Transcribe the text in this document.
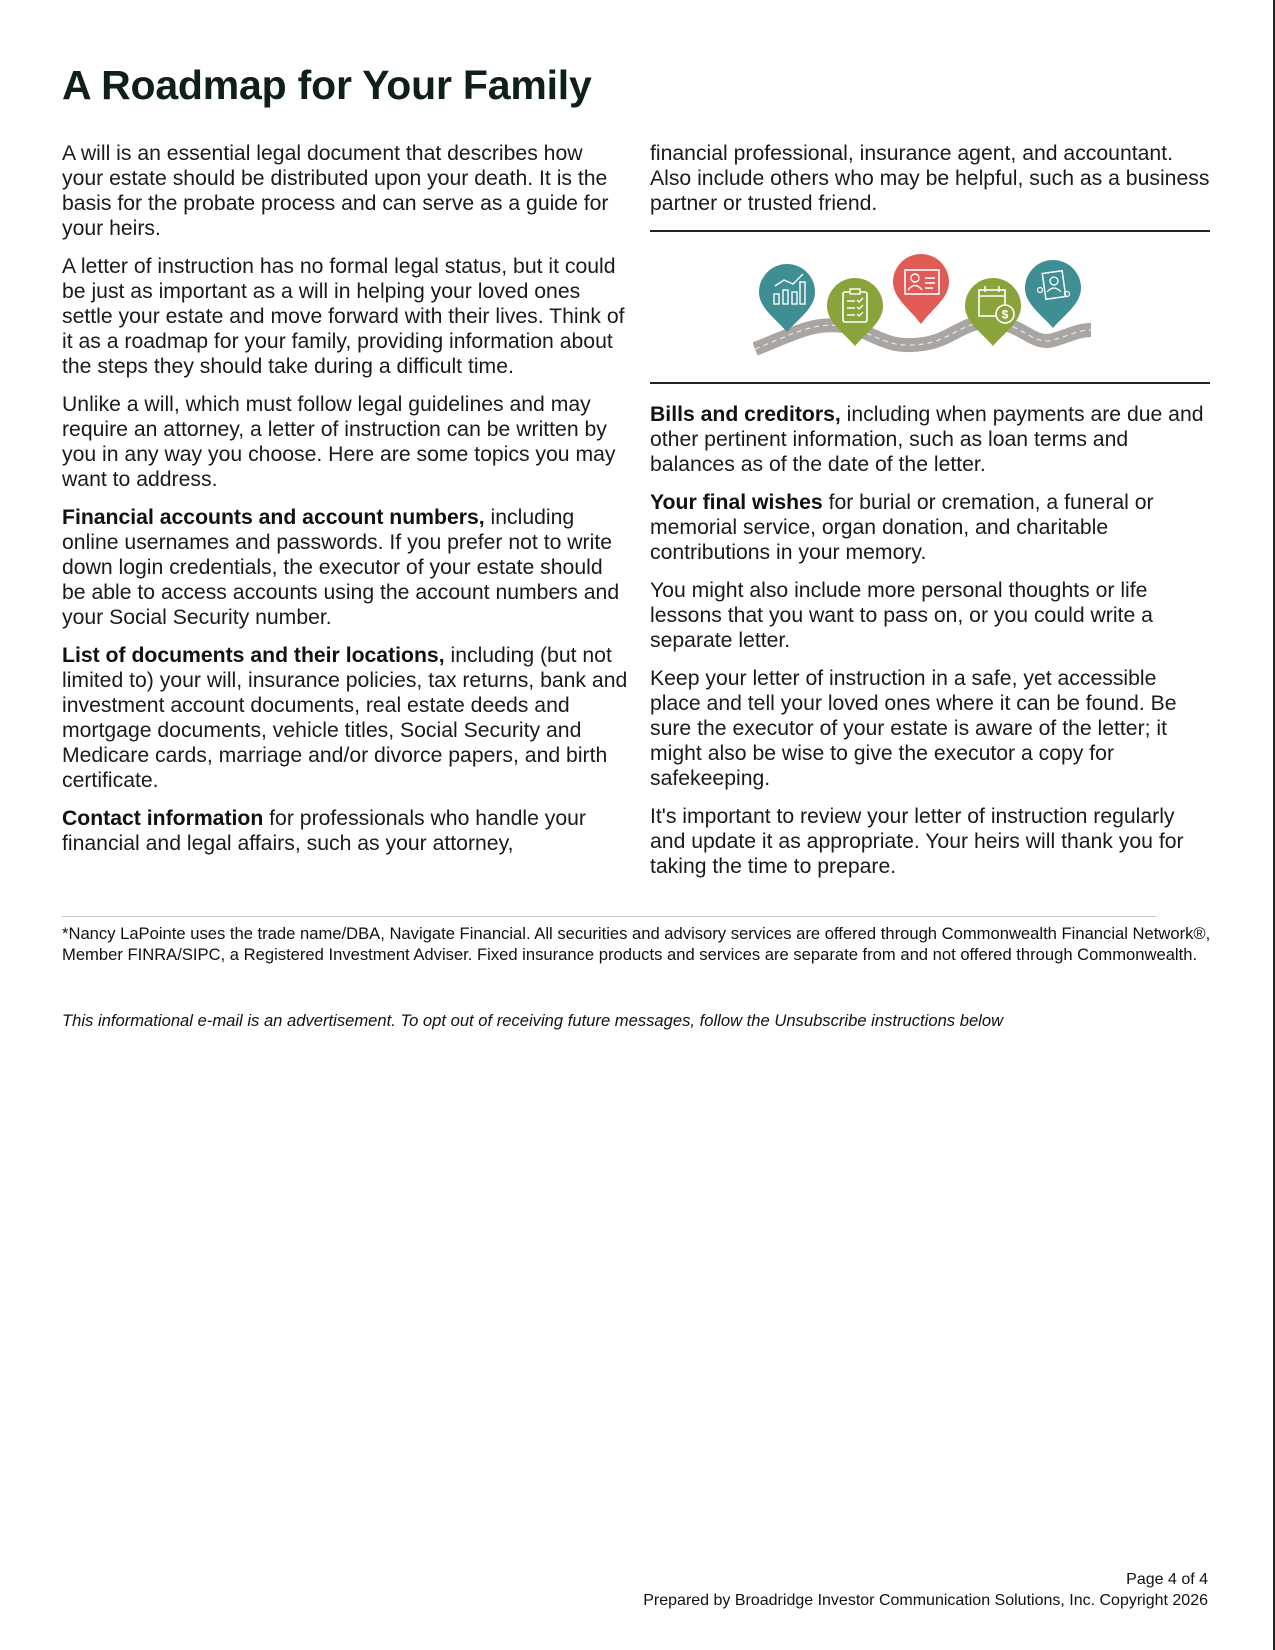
A Roadmap for Your Family

A will is an essential legal document that describes how your estate should be distributed upon your death. It is the basis for the probate process and can serve as a guide for your heirs.

A letter of instruction has no formal legal status, but it could be just as important as a will in helping your loved ones settle your estate and move forward with their lives. Think of it as a roadmap for your family, providing information about the steps they should take during a difficult time.

Unlike a will, which must follow legal guidelines and may require an attorney, a letter of instruction can be written by you in any way you choose. Here are some topics you may want to address.

Financial accounts and account numbers, including online usernames and passwords. If you prefer not to write down login credentials, the executor of your estate should be able to access accounts using the account numbers and your Social Security number.

List of documents and their locations, including (but not limited to) your will, insurance policies, tax returns, bank and investment account documents, real estate deeds and mortgage documents, vehicle titles, Social Security and Medicare cards, marriage and/or divorce papers, and birth certificate.

Contact information for professionals who handle your financial and legal affairs, such as your attorney,

financial professional, insurance agent, and accountant. Also include others who may be helpful, such as a business partner or trusted friend.

$

Bills and creditors, including when payments are due and other pertinent information, such as loan terms and balances as of the date of the letter.

Your final wishes for burial or cremation, a funeral or memorial service, organ donation, and charitable contributions in your memory.

You might also include more personal thoughts or life lessons that you want to pass on, or you could write a separate letter.

Keep your letter of instruction in a safe, yet accessible place and tell your loved ones where it can be found. Be sure the executor of your estate is aware of the letter; it might also be wise to give the executor a copy for safekeeping.

It's important to review your letter of instruction regularly and update it as appropriate. Your heirs will thank you for taking the time to prepare.

*Nancy LaPointe uses the trade name/DBA, Navigate Financial. All securities and advisory services are offered through Commonwealth Financial Network®, Member FINRA/SIPC, a Registered Investment Adviser. Fixed insurance products and services are separate from and not offered through Commonwealth.

This informational e-mail is an advertisement. To opt out of receiving future messages, follow the Unsubscribe instructions below

Page 4 of 4
Prepared by Broadridge Investor Communication Solutions, Inc. Copyright 2026
